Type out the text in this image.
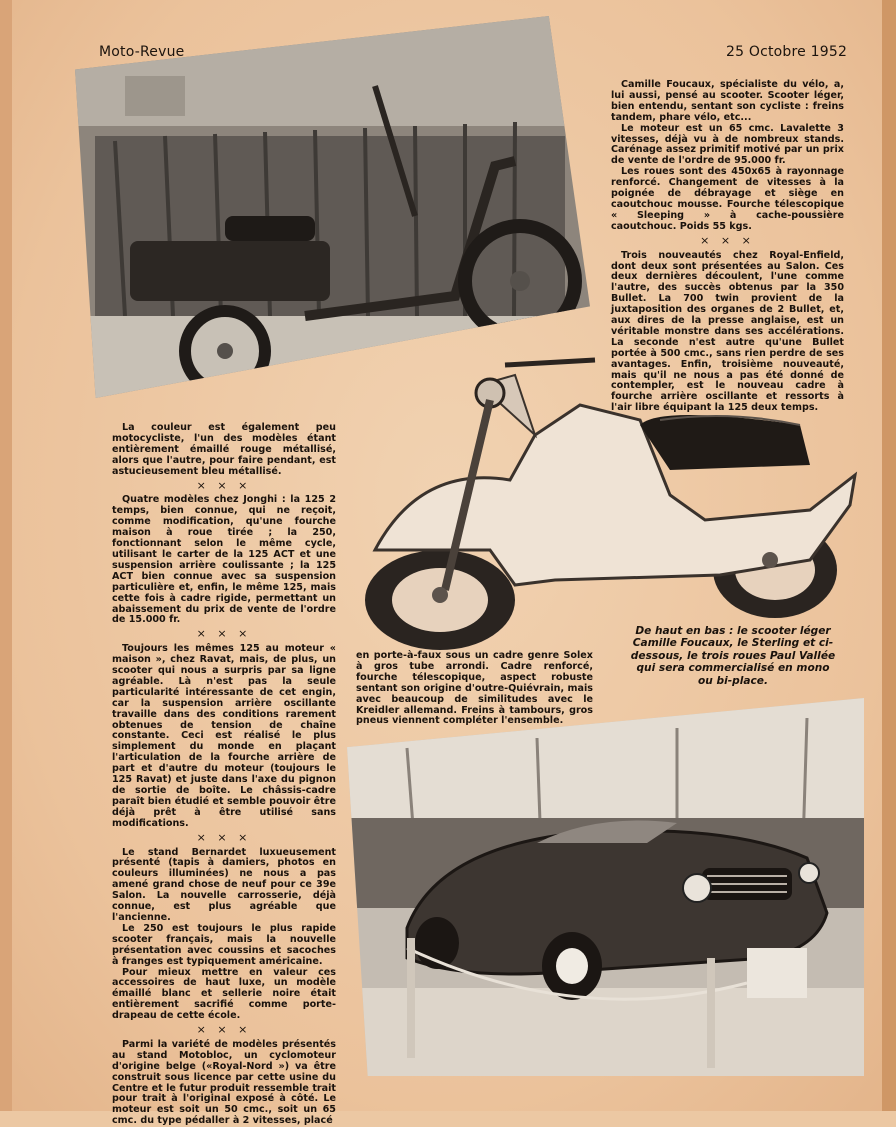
Moto-Revue	25 Octobre 1952

Camille Foucaux, spécialiste du vélo, a, lui aussi, pensé au scooter. Scooter léger, bien entendu, sentant son cycliste : freins tandem, phare vélo, etc...

Le moteur est un 65 cmc. Lavalette 3 vitesses, déjà vu à de nombreux stands. Carénage assez primitif motivé par un prix de vente de l'ordre de 95.000 fr.

Les roues sont des 450x65 à rayonnage renforcé. Changement de vitesses à la poignée de débrayage et siège en caoutchouc mousse. Fourche télescopique « Sleeping » à cache-poussière caoutchouc. Poids 55 kgs.

× × ×

Trois nouveautés chez Royal-Enfield, dont deux sont présentées au Salon. Ces deux dernières découlent, l'une comme l'autre, des succès obtenus par la 350 Bullet. La 700 twin provient de la juxtaposition des organes de 2 Bullet, et, aux dires de la presse anglaise, est un véritable monstre dans ses accélérations. La seconde n'est autre qu'une Bullet portée à 500 cmc., sans rien perdre de ses avantages. Enfin, troisième nouveauté, mais qu'il ne nous a pas été donné de contempler, est le nouveau cadre à fourche arrière oscillante et ressorts à l'air libre équipant la 125 deux temps.

La couleur est également peu motocycliste, l'un des modèles étant entièrement émaillé rouge métallisé, alors que l'autre, pour faire pendant, est astucieusement bleu métallisé.

× × ×

Quatre modèles chez Jonghi : la 125 2 temps, bien connue, qui ne reçoit, comme modification, qu'une fourche maison à roue tirée ; la 250, fonctionnant selon le même cycle, utilisant le carter de la 125 ACT et une suspension arrière coulissante ; la 125 ACT bien connue avec sa suspension particulière et, enfin, le même 125, mais cette fois à cadre rigide, permettant un abaissement du prix de vente de l'ordre de 15.000 fr.

× × ×

Toujours les mêmes 125 au moteur « maison », chez Ravat, mais, de plus, un scooter qui nous a surpris par sa ligne agréable. Là n'est pas la seule particularité intéressante de cet engin, car la suspension arrière oscillante travaille dans des conditions rarement obtenues de tension de chaîne constante. Ceci est réalisé le plus simplement du monde en plaçant l'articulation de la fourche arrière de part et d'autre du moteur (toujours le 125 Ravat) et juste dans l'axe du pignon de sortie de boîte. Le châssis-cadre paraît bien étudié et semble pouvoir être déjà prêt à être utilisé sans modifications.

× × ×

Le stand Bernardet luxueusement présenté (tapis à damiers, photos en couleurs illuminées) ne nous a pas amené grand chose de neuf pour ce 39e Salon. La nouvelle carrosserie, déjà connue, est plus agréable que l'ancienne.

Le 250 est toujours le plus rapide scooter français, mais la nouvelle présentation avec coussins et sacoches à franges est typiquement américaine.

Pour mieux mettre en valeur ces accessoires de haut luxe, un modèle émaillé blanc et sellerie noire était entièrement sacrifié comme porte-drapeau de cette école.

× × ×

Parmi la variété de modèles présentés au stand Motobloc, un cyclomoteur d'origine belge («Royal-Nord ») va être construit sous licence par cette usine du Centre et le futur produit ressemble trait pour trait à l'original exposé à côté. Le moteur est soit un 50 cmc., soit un 65 cmc. du type pédaller à 2 vitesses, placé

en porte-à-faux sous un cadre genre Solex à gros tube arrondi. Cadre renforcé, fourche télescopique, aspect robuste sentant son origine d'outre-Quiévrain, mais avec beaucoup de similitudes avec le Kreidler allemand. Freins à tambours, gros pneus viennent compléter l'ensemble.

De haut en bas : le scooter léger Camille Foucaux, le Sterling et ci-dessous, le trois roues Paul Vallée qui sera commercialisé en mono ou bi-place.
